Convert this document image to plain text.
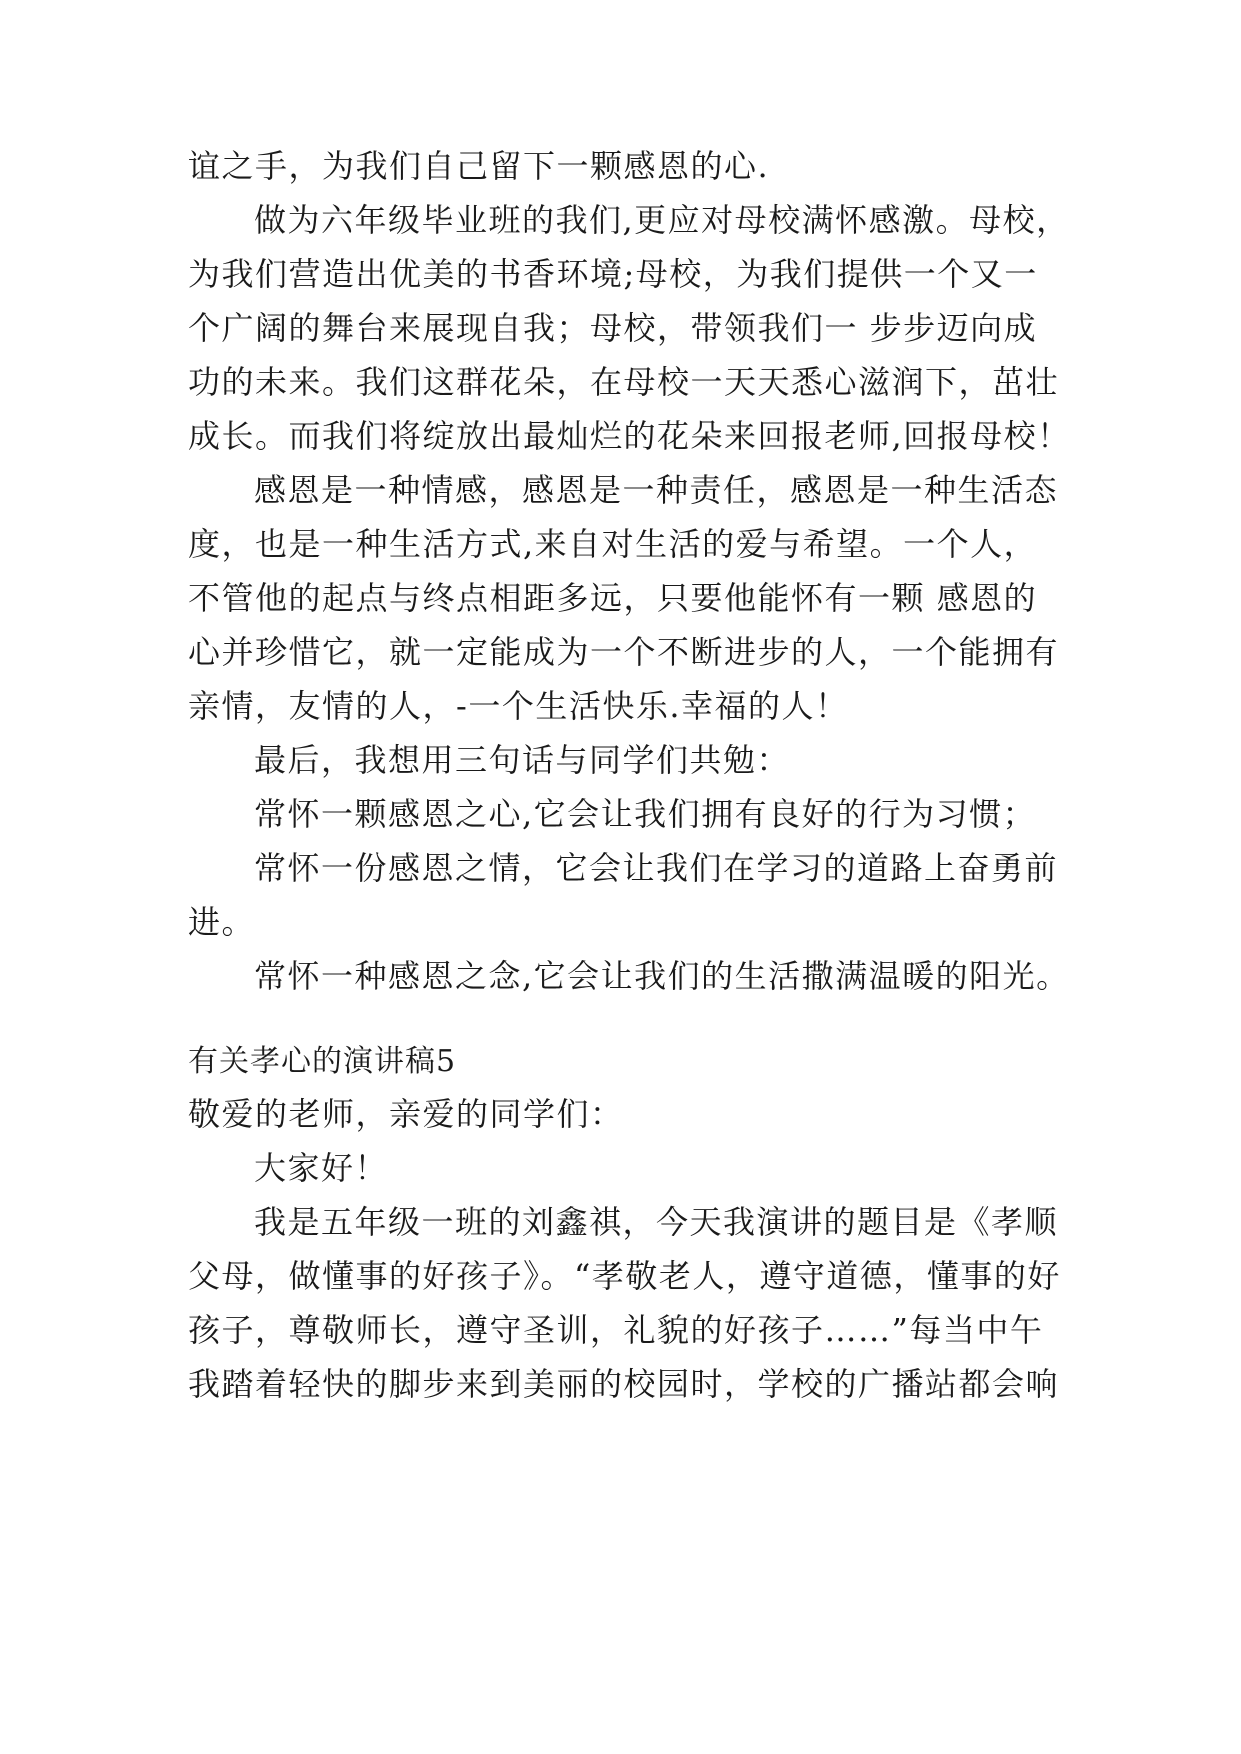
谊之手，为我们自己留下一颗感恩的心.
做为六年级毕业班的我们,更应对母校满怀感激。母校，
为我们营造出优美的书香环境;母校，为我们提供一个又一
个广阔的舞台来展现自我；母校，带领我们一 步步迈向成
功的未来。我们这群花朵，在母校一天天悉心滋润下，茁壮
成长。而我们将绽放出最灿烂的花朵来回报老师,回报母校！
感恩是一种情感，感恩是一种责任，感恩是一种生活态
度，也是一种生活方式,来自对生活的爱与希望。一个人，
不管他的起点与终点相距多远，只要他能怀有一颗 感恩的
心并珍惜它，就一定能成为一个不断进步的人，一个能拥有
亲情，友情的人，-一个生活快乐.幸福的人！
最后，我想用三句话与同学们共勉：
常怀一颗感恩之心,它会让我们拥有良好的行为习惯；
常怀一份感恩之情，它会让我们在学习的道路上奋勇前
进。
常怀一种感恩之念,它会让我们的生活撒满温暖的阳光。
有关孝心的演讲稿5
敬爱的老师，亲爱的同学们：
大家好！
我是五年级一班的刘鑫祺，今天我演讲的题目是《孝顺
父母，做懂事的好孩子》。“孝敬老人，遵守道德，懂事的好
孩子，尊敬师长，遵守圣训，礼貌的好孩子……”每当中午
我踏着轻快的脚步来到美丽的校园时，学校的广播站都会响
